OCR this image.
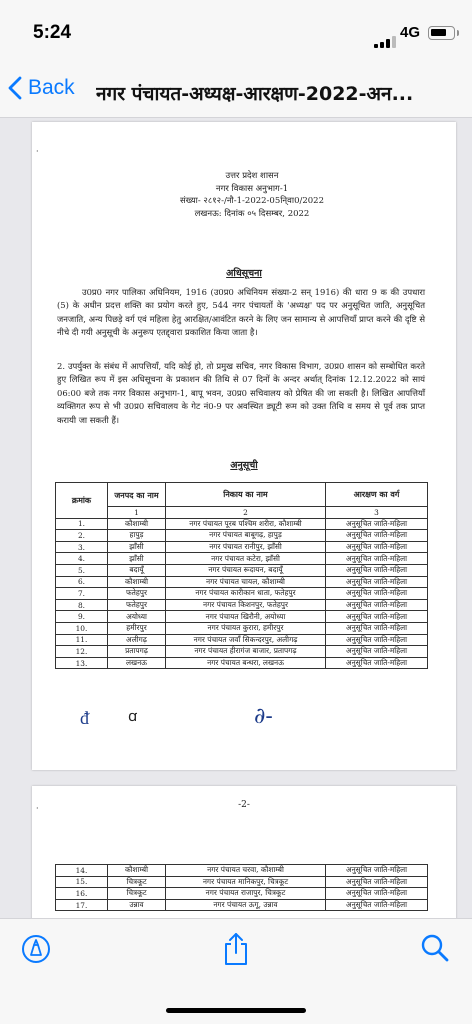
5:24	4G
Back नगर पंचायत-अध्यक्ष-आरक्षण-2022-अन...
·
उत्तर प्रदेश शासन
नगर विकास अनुभाग-1
संख्या- २८१२-/नौ-1-2022-05नि्वा0/2022
लखनऊ: दिनांक ०५ दिसम्बर, 2022
अधिसूचना
उ0प्र0 नगर पालिका अधिनियम, 1916 (उ0प्र0 अधिनियम संख्या-2 सन् 1916) की धारा 9 क की उपधारा (5) के अधीन प्रदत्त शक्ति का प्रयोग करते हुए, 544 नगर पंचायतों के 'अध्यक्ष' पद पर अनुसूचित जाति, अनुसूचित जनजाति, अन्य पिछड़े वर्ग एवं महिला हेतु आरक्षित/आवंटित करने के लिए जन सामान्य से आपत्तियाँ प्राप्त करने की दृष्टि से नीचे दी गयी अनुसूची के अनुरूप एतद्द्वारा प्रकाशित किया जाता है।
2. उपर्युक्त के संबंध में आपत्तियाँ, यदि कोई हो, तो प्रमुख सचिव, नगर विकास विभाग, उ0प्र0 शासन को सम्बोधित करते हुए लिखित रूप में इस अधिसूचना के प्रकाशन की तिथि से 07 दिनों के अन्दर अर्थात् दिनांक 12.12.2022 को सायं 06:00 बजे तक नगर विकास अनुभाग-1, बापू भवन, उ0प्र0 सचिवालय को प्रेषित की जा सकती है। लिखित आपत्तियाँ व्यक्तिगत रूप से भी उ0प्र0 सचिवालय के गेट नं0-9 पर अवस्थित ड्यूटी रूम को उक्त तिथि व समय से पूर्व तक प्राप्त करायी जा सकती हैं।
अनुसूची
क्रमांक	जनपद का नाम	निकाय का नाम	आरक्षण का वर्ग
	1	2	3
1.	कौशाम्बी	नगर पंचायत पूरब पश्चिम शरीरा, कौशाम्बी	अनुसूचित जाति-महिला
2.	हापुड़	नगर पंचायत बाबूगढ़, हापुड़	अनुसूचित जाति-महिला
3.	झाँसी	नगर पंचायत रानीपुर, झाँसी	अनुसूचित जाति-महिला
4.	झाँसी	नगर पंचायत कटेरा, झाँसी	अनुसूचित जाति-महिला
5.	बदायूँ	नगर पंचायत रूदायन, बदायूँ	अनुसूचित जाति-महिला
6.	कौशाम्बी	नगर पंचायत चायल, कौशाम्बी	अनुसूचित जाति-महिला
7.	फतेहपुर	नगर पंचायत कारीकान धाता, फतेहपुर	अनुसूचित जाति-महिला
8.	फतेहपुर	नगर पंचायत किशनपुर, फतेहपुर	अनुसूचित जाति-महिला
9.	अयोध्या	नगर पंचायत खिरौनी, अयोध्या	अनुसूचित जाति-महिला
10.	हमीरपुर	नगर पंचायत कुरारा, हमीरपुर	अनुसूचित जाति-महिला
11.	अलीगढ़	नगर पंचायत जवाँ सिकन्दरपुर, अलीगढ़	अनुसूचित जाति-महिला
12.	प्रतापगढ़	नगर पंचायत हीरागंज बाजार, प्रतापगढ़	अनुसूचित जाति-महिला
13.	लखनऊ	नगर पंचायत बन्थरा, लखनऊ	अनुसूचित जाति-महिला
ᵭ	ꭤ	∂-
·	-2-
14.	कौशाम्बी	नगर पंचायत चरवा, कौशाम्बी	अनुसूचित जाति-महिला
15.	चित्रकूट	नगर पंचायत मानिकपुर, चित्रकूट	अनुसूचित जाति-महिला
16.	चित्रकूट	नगर पंचायत राजापुर, चित्रकूट	अनुसूचित जाति-महिला
17.	उन्नाव	नगर पंचायत ऊगू, उन्नाव	अनुसूचित जाति-महिला
